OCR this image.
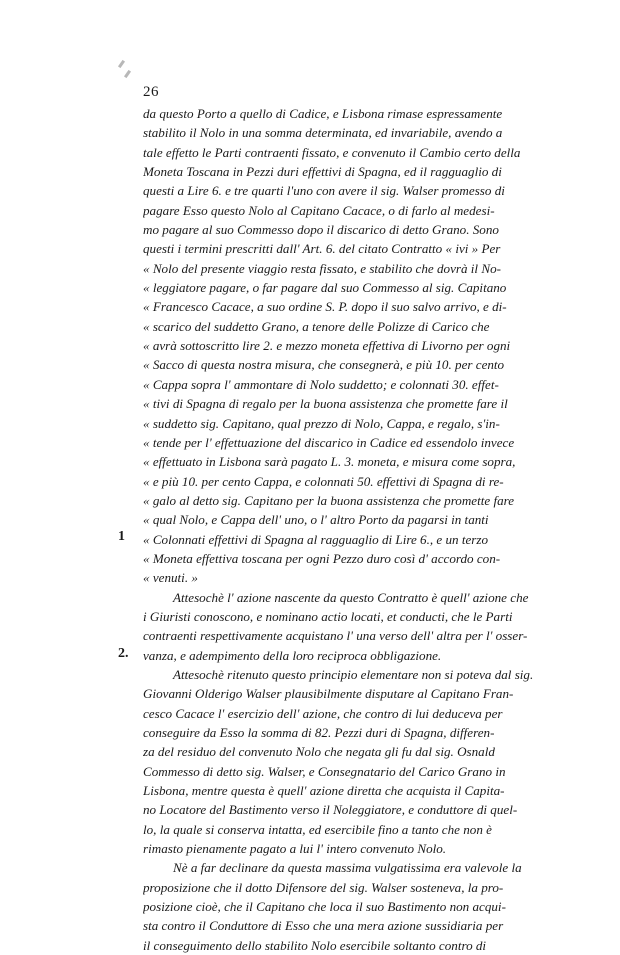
26
1
2.
da questo Porto a quello di Cadice, e Lisbona rimase espressamente
stabilito il Nolo in una somma determinata, ed invariabile, avendo a
tale effetto le Parti contraenti fissato, e convenuto il Cambio certo della
Moneta Toscana in Pezzi duri effettivi di Spagna, ed il ragguaglio di
questi a Lire 6. e tre quarti l'uno con avere il sig. Walser promesso di
pagare Esso questo Nolo al Capitano Cacace, o di farlo al medesi-
mo pagare al suo Commesso dopo il discarico di detto Grano. Sono
questi i termini prescritti dall' Art. 6. del citato Contratto « ivi » Per
« Nolo del presente viaggio resta fissato, e stabilito che dovrà il No-
« leggiatore pagare, o far pagare dal suo Commesso al sig. Capitano
« Francesco Cacace, a suo ordine S. P. dopo il suo salvo arrivo, e di-
« scarico del suddetto Grano, a tenore delle Polizze di Carico che
« avrà sottoscritto lire 2. e mezzo moneta effettiva di Livorno per ogni
« Sacco di questa nostra misura, che consegnerà, e più 10. per cento
« Cappa sopra l' ammontare di Nolo suddetto; e colonnati 30. effet-
« tivi di Spagna di regalo per la buona assistenza che promette fare il
« suddetto sig. Capitano, qual prezzo di Nolo, Cappa, e regalo, s'in-
« tende per l' effettuazione del discarico in Cadice ed essendolo invece
« effettuato in Lisbona sarà pagato L. 3. moneta, e misura come sopra,
« e più 10. per cento Cappa, e colonnati 50. effettivi di Spagna di re-
« galo al detto sig. Capitano per la buona assistenza che promette fare
« qual Nolo, e Cappa dell' uno, o l' altro Porto da pagarsi in tanti
« Colonnati effettivi di Spagna al ragguaglio di Lire 6., e un terzo
« Moneta effettiva toscana per ogni Pezzo duro così d' accordo con-
« venuti. »
Attesochè l' azione nascente da questo Contratto è quell' azione che
i Giuristi conoscono, e nominano actio locati, et conducti, che le Parti
contraenti respettivamente acquistano l' una verso dell' altra per l' osser-
vanza, e adempimento della loro reciproca obbligazione.
Attesochè ritenuto questo principio elementare non si poteva dal sig.
Giovanni Olderigo Walser plausibilmente disputare al Capitano Fran-
cesco Cacace l' esercizio dell' azione, che contro di lui deduceva per
conseguire da Esso la somma di 82. Pezzi duri di Spagna, differen-
za del residuo del convenuto Nolo che negata gli fu dal sig. Osnald
Commesso di detto sig. Walser, e Consegnatario del Carico Grano in
Lisbona, mentre questa è quell' azione diretta che acquista il Capita-
no Locatore del Bastimento verso il Noleggiatore, e conduttore di quel-
lo, la quale si conserva intatta, ed esercibile fino a tanto che non è
rimasto pienamente pagato a lui l' intero convenuto Nolo.
Nè a far declinare da questa massima vulgatissima era valevole la
proposizione che il dotto Difensore del sig. Walser sosteneva, la pro-
posizione cioè, che il Capitano che loca il suo Bastimento non acqui-
sta contro il Conduttore di Esso che una mera azione sussidiaria per
il conseguimento dello stabilito Nolo esercibile soltanto contro di
